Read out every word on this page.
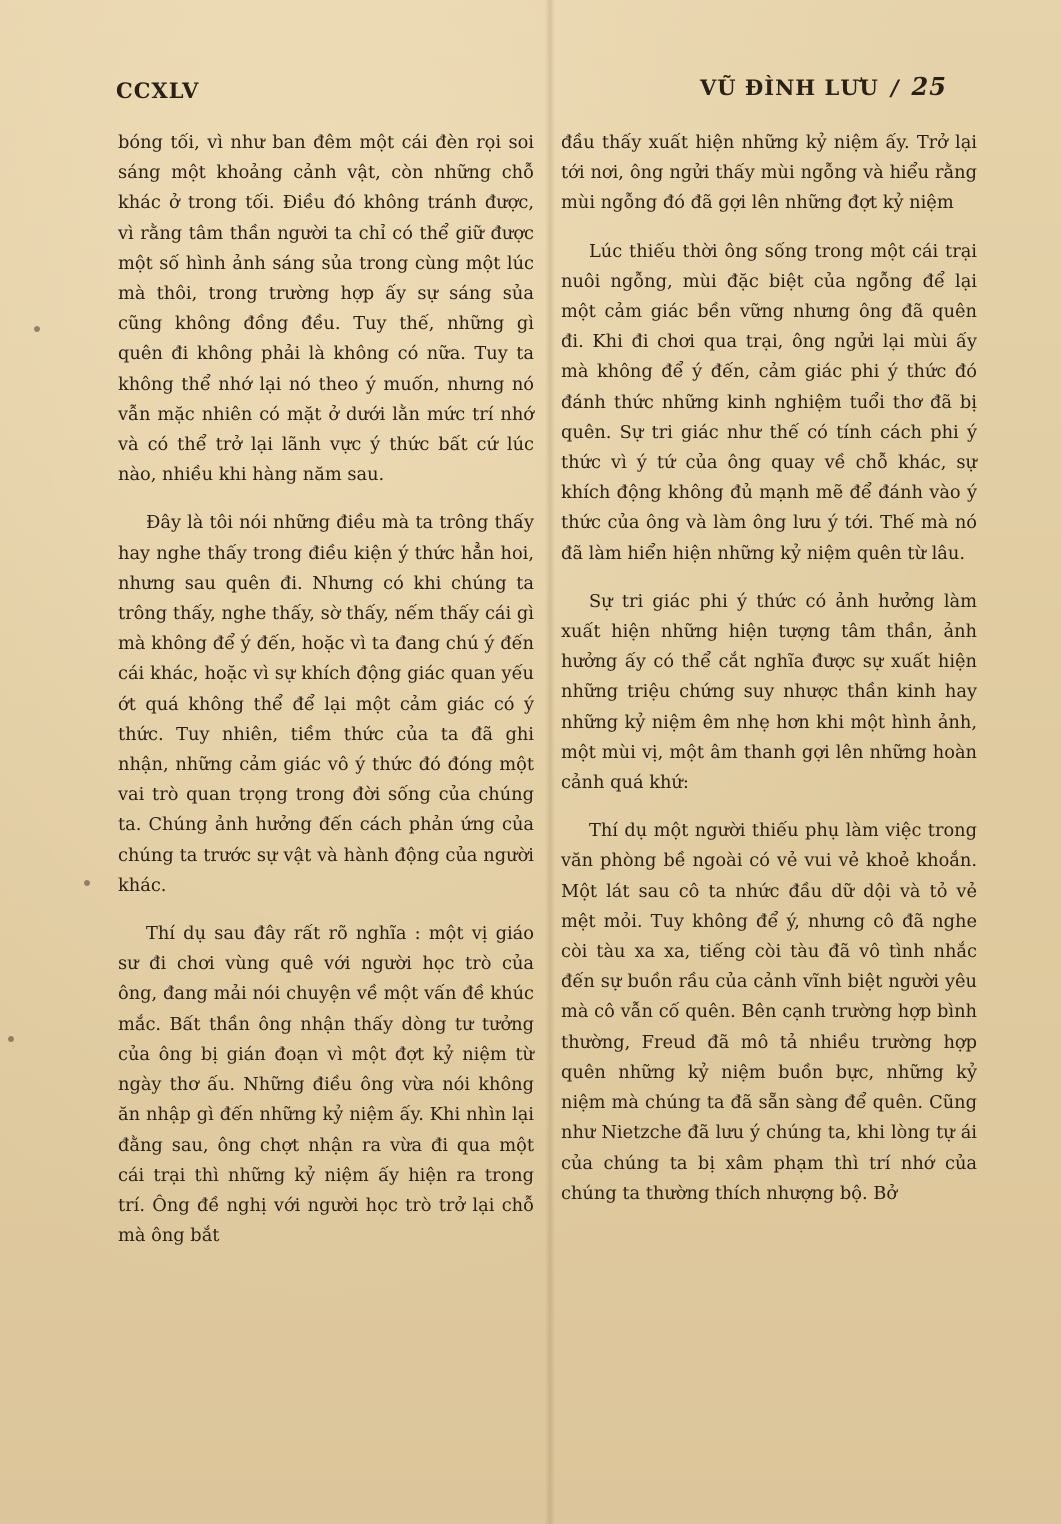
CCXLV	VŨ ĐÌNH LƯU / 25

bóng tối, vì như ban đêm một cái đèn rọi soi sáng một khoảng cảnh vật, còn những chỗ khác ở trong tối. Điều đó không tránh được, vì rằng tâm thần người ta chỉ có thể giữ được một số hình ảnh sáng sủa trong cùng một lúc mà thôi, trong trường hợp ấy sự sáng sủa cũng không đồng đều. Tuy thế, những gì quên đi không phải là không có nữa. Tuy ta không thể nhớ lại nó theo ý muốn, nhưng nó vẫn mặc nhiên có mặt ở dưới lằn mức trí nhớ và có thể trở lại lãnh vực ý thức bất cứ lúc nào, nhiều khi hàng năm sau.

Đây là tôi nói những điều mà ta trông thấy hay nghe thấy trong điều kiện ý thức hẳn hoi, nhưng sau quên đi. Nhưng có khi chúng ta trông thấy, nghe thấy, sờ thấy, nếm thấy cái gì mà không để ý đến, hoặc vì ta đang chú ý đến cái khác, hoặc vì sự khích động giác quan yếu ớt quá không thể để lại một cảm giác có ý thức. Tuy nhiên, tiềm thức của ta đã ghi nhận, những cảm giác vô ý thức đó đóng một vai trò quan trọng trong đời sống của chúng ta. Chúng ảnh hưởng đến cách phản ứng của chúng ta trước sự vật và hành động của người khác.

Thí dụ sau đây rất rõ nghĩa : một vị giáo sư đi chơi vùng quê với người học trò của ông, đang mải nói chuyện về một vấn đề khúc mắc. Bất thần ông nhận thấy dòng tư tưởng của ông bị gián đoạn vì một đợt kỷ niệm từ ngày thơ ấu. Những điều ông vừa nói không ăn nhập gì đến những kỷ niệm ấy. Khi nhìn lại đằng sau, ông chợt nhận ra vừa đi qua một cái trại thì những kỷ niệm ấy hiện ra trong trí. Ông đề nghị với người học trò trở lại chỗ mà ông bắt

đầu thấy xuất hiện những kỷ niệm ấy. Trở lại tới nơi, ông ngửi thấy mùi ngỗng và hiểu rằng mùi ngỗng đó đã gợi lên những đợt kỷ niệm

Lúc thiếu thời ông sống trong một cái trại nuôi ngỗng, mùi đặc biệt của ngỗng để lại một cảm giác bền vững nhưng ông đã quên đi. Khi đi chơi qua trại, ông ngửi lại mùi ấy mà không để ý đến, cảm giác phi ý thức đó đánh thức những kinh nghiệm tuổi thơ đã bị quên. Sự tri giác như thế có tính cách phi ý thức vì ý tứ của ông quay về chỗ khác, sự khích động không đủ mạnh mẽ để đánh vào ý thức của ông và làm ông lưu ý tới. Thế mà nó đã làm hiển hiện những kỷ niệm quên từ lâu.

Sự tri giác phi ý thức có ảnh hưởng làm xuất hiện những hiện tượng tâm thần, ảnh hưởng ấy có thể cắt nghĩa được sự xuất hiện những triệu chứng suy nhược thần kinh hay những kỷ niệm êm nhẹ hơn khi một hình ảnh, một mùi vị, một âm thanh gợi lên những hoàn cảnh quá khứ:

Thí dụ một người thiếu phụ làm việc trong văn phòng bề ngoài có vẻ vui vẻ khoẻ khoắn. Một lát sau cô ta nhức đầu dữ dội và tỏ vẻ mệt mỏi. Tuy không để ý, nhưng cô đã nghe còi tàu xa xa, tiếng còi tàu đã vô tình nhắc đến sự buồn rầu của cảnh vĩnh biệt người yêu mà cô vẫn cố quên. Bên cạnh trường hợp bình thường, Freud đã mô tả nhiều trường hợp quên những kỷ niệm buồn bực, những kỷ niệm mà chúng ta đã sẵn sàng để quên. Cũng như Nietzche đã lưu ý chúng ta, khi lòng tự ái của chúng ta bị xâm phạm thì trí nhớ của chúng ta thường thích nhượng bộ. Bở
